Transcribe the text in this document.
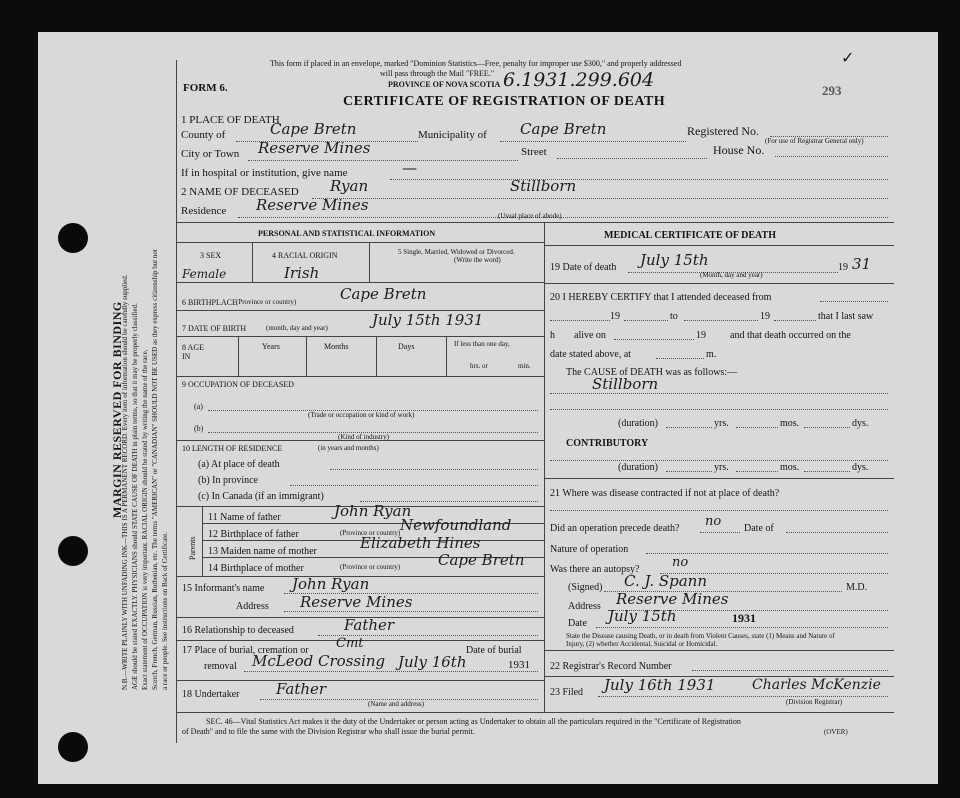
MARGIN RESERVED FOR BINDING
N.B.—WRITE PLAINLY WITH UNFADING INK—THIS IS A PERMANENT RECORD. Every item of information should be carefully supplied. AGE should be stated EXACTLY. PHYSICIANS should STATE CAUSE OF DEATH in plain terms, so that it may be properly classified. Exact statement of OCCUPATION is very important. RACIAL ORIGIN should be stated by writing the name of the race, Scotch, French, German, Russian, Ruthenian, etc. The terms "AMERICAN" or "CANADIAN" SHOULD NOT BE USED as they express citizenship but not a race or people. See instructions on Back of Certificate.
This form if placed in an envelope, marked "Dominion Statistics—Free, penalty for improper use $300," and properly addressed
will pass through the Mail "FREE."
PROVINCE OF NOVA SCOTIA 6.1931.299.604	293
✓
FORM 6.
CERTIFICATE OF REGISTRATION OF DEATH
1 PLACE OF DEATH
County of	Cape Bretn	Municipality of Cape Bretn	Registered No.
(For use of Registrar General only)
City or Town Reserve Mines	Street	House No.
If in hospital or institution, give name	—
2 NAME OF DECEASED Ryan	Stillborn
Residence Reserve Mines
(Usual place of abode)
PERSONAL AND STATISTICAL INFORMATION
3 SEX	4 RACIAL ORIGIN	5 Single, Married, Widowed or Divorced.
(Write the word)
Female	Irish
6 BIRTHPLACE (Province or country)	Cape Bretn
7 DATE OF BIRTH	(month, day and year)	July 15th 1931
8 AGE IN
Years	Months	Days	If less than one day,
hrs. or	min.
9 OCCUPATION OF DECEASED
(a)
(Trade or occupation or kind of work)
(b)
(Kind of industry)
10 LENGTH OF RESIDENCE	(in years and months)
(a) At place of death
(b) In province
(c) In Canada (if an immigrant)
Parents
11 Name of father	John Ryan
12 Birthplace of father	(Province or country) Newfoundland
13 Maiden name of mother	Elizabeth Hines
14 Birthplace of mother	(Province or country)	Cape Bretn
15 Informant's name John Ryan
Address Reserve Mines
16 Relationship to deceased	Father
17 Place of burial, cremation or Cmt	Date of burial
removal McLeod Crossing July 16th	1931
18 Undertaker Father
(Name and address)
MEDICAL CERTIFICATE OF DEATH
19 Date of death July 15th
(Month, day and year)
19 31
20 I HEREBY CERTIFY that I attended deceased from
19	to	19	that I last saw
h alive on	19 and that death occurred on the
date stated above, at	m.
The CAUSE of DEATH was as follows:—
Stillborn
(duration)	yrs.	mos.	dys.
CONTRIBUTORY
(duration)	yrs.	mos.	dys.
21 Where was disease contracted if not at place of death?
Did an operation precede death? no Date of
Nature of operation
Was there an autopsy?	no
(Signed) C. J. Spann	M.D.
Address Reserve Mines
Date July 15th	1931
State the Disease causing Death, or in death from Violent Causes, state (1) Means and Nature of
Injury, (2) whether Accidental, Suicidal or Homicidal.
22 Registrar's Record Number
23 Filed July 16th 1931	Charles McKenzie
(Division Registrar)
SEC. 46—Vital Statistics Act makes it the duty of the Undertaker or person acting as Undertaker to obtain all the particulars required in the "Certificate of Registration
of Death" and to file the same with the Division Registrar who shall issue the burial permit.	(OVER)
